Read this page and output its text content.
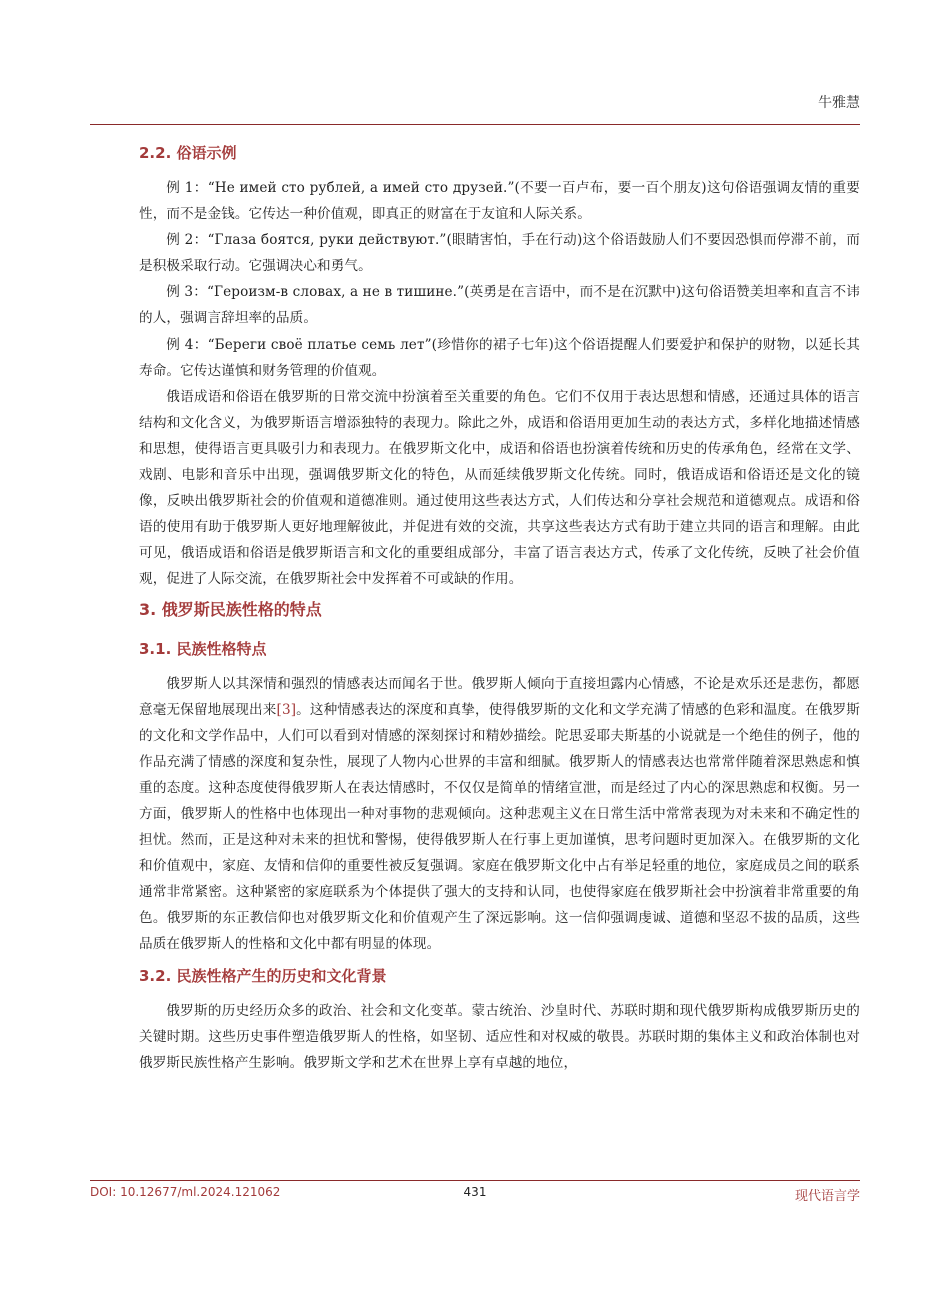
牛雅慧
2.2. 俗语示例

例 1：“Не имей сто рублей, а имей сто друзей.”(不要一百卢布，要一百个朋友)这句俗语强调友情的重要性，而不是金钱。它传达一种价值观，即真正的财富在于友谊和人际关系。

例 2：“Глаза боятся, руки действуют.”(眼睛害怕，手在行动)这个俗语鼓励人们不要因恐惧而停滞不前，而是积极采取行动。它强调决心和勇气。

例 3：“Героизм-в словах, а не в тишине.”(英勇是在言语中，而不是在沉默中)这句俗语赞美坦率和直言不讳的人，强调言辞坦率的品质。

例 4：“Береги своё платье семь лет”(珍惜你的裙子七年)这个俗语提醒人们要爱护和保护的财物，以延长其寿命。它传达谨慎和财务管理的价值观。

俄语成语和俗语在俄罗斯的日常交流中扮演着至关重要的角色。它们不仅用于表达思想和情感，还通过具体的语言结构和文化含义，为俄罗斯语言增添独特的表现力。除此之外，成语和俗语用更加生动的表达方式，多样化地描述情感和思想，使得语言更具吸引力和表现力。在俄罗斯文化中，成语和俗语也扮演着传统和历史的传承角色，经常在文学、戏剧、电影和音乐中出现，强调俄罗斯文化的特色，从而延续俄罗斯文化传统。同时，俄语成语和俗语还是文化的镜像，反映出俄罗斯社会的价值观和道德准则。通过使用这些表达方式，人们传达和分享社会规范和道德观点。成语和俗语的使用有助于俄罗斯人更好地理解彼此，并促进有效的交流，共享这些表达方式有助于建立共同的语言和理解。由此可见，俄语成语和俗语是俄罗斯语言和文化的重要组成部分，丰富了语言表达方式，传承了文化传统，反映了社会价值观，促进了人际交流，在俄罗斯社会中发挥着不可或缺的作用。

3. 俄罗斯民族性格的特点
3.1. 民族性格特点

俄罗斯人以其深情和强烈的情感表达而闻名于世。俄罗斯人倾向于直接坦露内心情感，不论是欢乐还是悲伤，都愿意毫无保留地展现出来[3]。这种情感表达的深度和真挚，使得俄罗斯的文化和文学充满了情感的色彩和温度。在俄罗斯的文化和文学作品中，人们可以看到对情感的深刻探讨和精妙描绘。陀思妥耶夫斯基的小说就是一个绝佳的例子，他的作品充满了情感的深度和复杂性，展现了人物内心世界的丰富和细腻。俄罗斯人的情感表达也常常伴随着深思熟虑和慎重的态度。这种态度使得俄罗斯人在表达情感时，不仅仅是简单的情绪宣泄，而是经过了内心的深思熟虑和权衡。另一方面，俄罗斯人的性格中也体现出一种对事物的悲观倾向。这种悲观主义在日常生活中常常表现为对未来和不确定性的担忧。然而，正是这种对未来的担忧和警惕，使得俄罗斯人在行事上更加谨慎，思考问题时更加深入。在俄罗斯的文化和价值观中，家庭、友情和信仰的重要性被反复强调。家庭在俄罗斯文化中占有举足轻重的地位，家庭成员之间的联系通常非常紧密。这种紧密的家庭联系为个体提供了强大的支持和认同，也使得家庭在俄罗斯社会中扮演着非常重要的角色。俄罗斯的东正教信仰也对俄罗斯文化和价值观产生了深远影响。这一信仰强调虔诚、道德和坚忍不拔的品质，这些品质在俄罗斯人的性格和文化中都有明显的体现。

3.2. 民族性格产生的历史和文化背景

俄罗斯的历史经历众多的政治、社会和文化变革。蒙古统治、沙皇时代、苏联时期和现代俄罗斯构成俄罗斯历史的关键时期。这些历史事件塑造俄罗斯人的性格，如坚韧、适应性和对权威的敬畏。苏联时期的集体主义和政治体制也对俄罗斯民族性格产生影响。俄罗斯文学和艺术在世界上享有卓越的地位，

DOI: 10.12677/ml.2024.121062	431	现代语言学
